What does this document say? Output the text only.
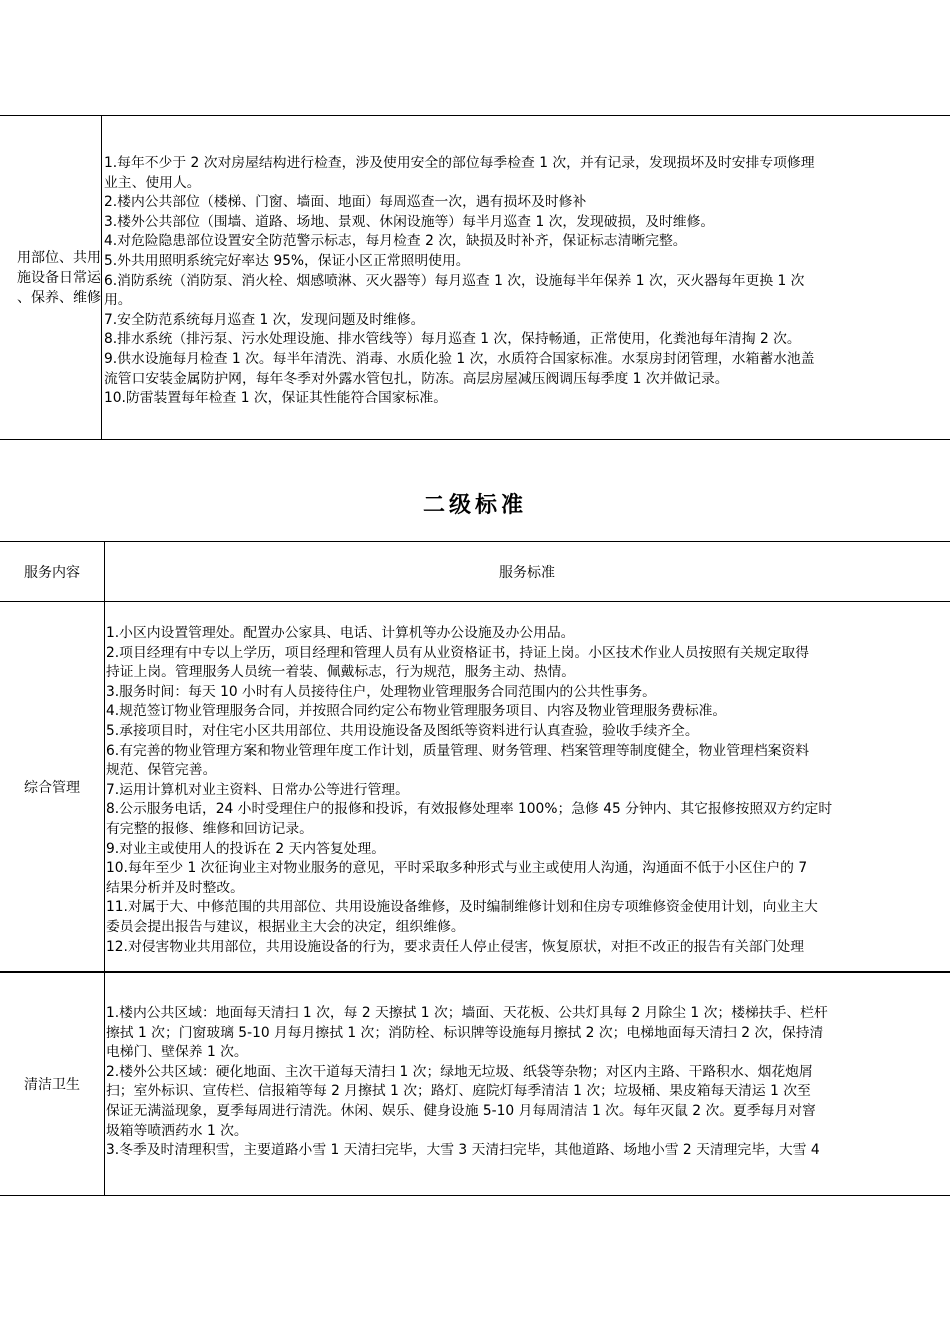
用部位、共用
施设备日常运
、保养、维修
1.每年不少于 2 次对房屋结构进行检查，涉及使用安全的部位每季检查 1 次，并有记录，发现损坏及时安排专项修理
业主、使用人。
2.楼内公共部位（楼梯、门窗、墙面、地面）每周巡查一次，遇有损坏及时修补
3.楼外公共部位（围墙、道路、场地、景观、休闲设施等）每半月巡查 1 次，发现破损，及时维修。
4.对危险隐患部位设置安全防范警示标志，每月检查 2 次，缺损及时补齐，保证标志清晰完整。
5.外共用照明系统完好率达 95%，保证小区正常照明使用。
6.消防系统（消防泵、消火栓、烟感喷淋、灭火器等）每月巡查 1 次，设施每半年保养 1 次，灭火器每年更换 1 次
用。
7.安全防范系统每月巡查 1 次，发现问题及时维修。
8.排水系统（排污泵、污水处理设施、排水管线等）每月巡查 1 次，保持畅通，正常使用，化粪池每年清掏 2 次。
9.供水设施每月检查 1 次。每半年清洗、消毒、水质化验 1 次，水质符合国家标准。水泵房封闭管理，水箱蓄水池盖
流管口安装金属防护网，每年冬季对外露水管包扎，防冻。高层房屋减压阀调压每季度 1 次并做记录。
10.防雷装置每年检查 1 次，保证其性能符合国家标准。
二级标准
服务内容	服务标准
综合管理
1.小区内设置管理处。配置办公家具、电话、计算机等办公设施及办公用品。
2.项目经理有中专以上学历，项目经理和管理人员有从业资格证书，持证上岗。小区技术作业人员按照有关规定取得
持证上岗。管理服务人员统一着装、佩戴标志，行为规范，服务主动、热情。
3.服务时间：每天 10 小时有人员接待住户，处理物业管理服务合同范围内的公共性事务。
4.规范签订物业管理服务合同，并按照合同约定公布物业管理服务项目、内容及物业管理服务费标准。
5.承接项目时，对住宅小区共用部位、共用设施设备及图纸等资料进行认真查验，验收手续齐全。
6.有完善的物业管理方案和物业管理年度工作计划，质量管理、财务管理、档案管理等制度健全，物业管理档案资料
规范、保管完善。
7.运用计算机对业主资料、日常办公等进行管理。
8.公示服务电话，24 小时受理住户的报修和投诉，有效报修处理率 100%；急修 45 分钟内、其它报修按照双方约定时
有完整的报修、维修和回访记录。
9.对业主或使用人的投诉在 2 天内答复处理。
10.每年至少 1 次征询业主对物业服务的意见，平时采取多种形式与业主或使用人沟通，沟通面不低于小区住户的 7
结果分析并及时整改。
11.对属于大、中修范围的共用部位、共用设施设备维修，及时编制维修计划和住房专项维修资金使用计划，向业主大
委员会提出报告与建议，根据业主大会的决定，组织维修。
12.对侵害物业共用部位，共用设施设备的行为，要求责任人停止侵害，恢复原状，对拒不改正的报告有关部门处理
清洁卫生
1.楼内公共区域：地面每天清扫 1 次，每 2 天擦拭 1 次；墙面、天花板、公共灯具每 2 月除尘 1 次；楼梯扶手、栏杆
擦拭 1 次；门窗玻璃 5-10 月每月擦拭 1 次；消防栓、标识牌等设施每月擦拭 2 次；电梯地面每天清扫 2 次，保持清
电梯门、壁保养 1 次。
2.楼外公共区域：硬化地面、主次干道每天清扫 1 次；绿地无垃圾、纸袋等杂物；对区内主路、干路积水、烟花炮屑
扫；室外标识、宣传栏、信报箱等每 2 月擦拭 1 次；路灯、庭院灯每季清洁 1 次；垃圾桶、果皮箱每天清运 1 次至
保证无满溢现象，夏季每周进行清洗。休闲、娱乐、健身设施 5-10 月每周清洁 1 次。每年灭鼠 2 次。夏季每月对窨
圾箱等喷洒药水 1 次。
3.冬季及时清理积雪，主要道路小雪 1 天清扫完毕，大雪 3 天清扫完毕，其他道路、场地小雪 2 天清理完毕，大雪 4
